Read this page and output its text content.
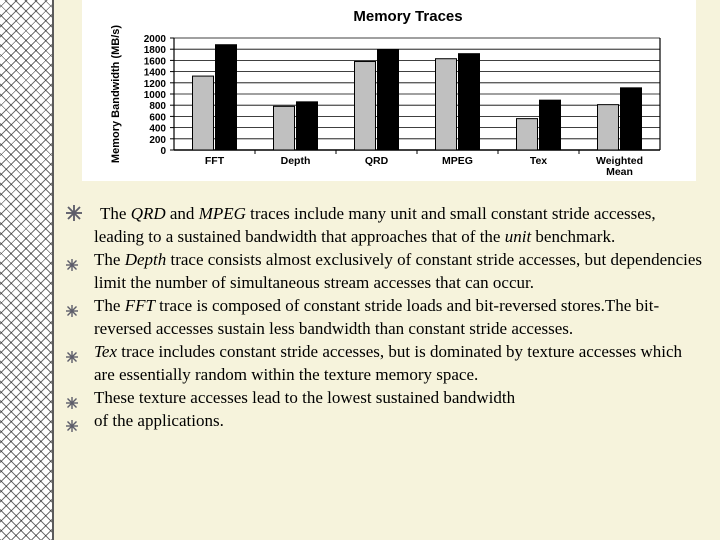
Memory Traces
0
200
400
600
800
1000
1200
1400
1600
1800
2000
Memory Bandwidth (MB/s)	FFT	Depth	QRD	MPEG	Tex	Weighted
Mean
The QRD and MPEG traces include many unit and small constant stride accesses, leading to a sustained bandwidth that approaches that of the unit benchmark.
The Depth trace consists almost exclusively of constant stride accesses, but dependencies limit the number of simultaneous stream accesses that can occur.
The FFT trace is composed of constant stride loads and bit-reversed stores.The bit-reversed accesses sustain less bandwidth than constant stride accesses.
Tex trace includes constant stride accesses, but is dominated by texture accesses which are essentially random within the texture memory space.
These texture accesses lead to the lowest sustained bandwidth
of the applications.
